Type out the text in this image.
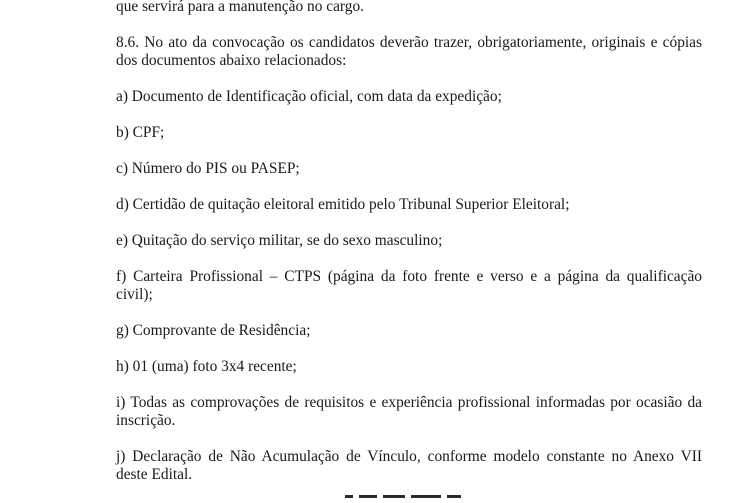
que servirá para a manutenção no cargo.
8.6. No ato da convocação os candidatos deverão trazer, obrigatoriamente, originais e cópias
dos documentos abaixo relacionados:
a) Documento de Identificação oficial, com data da expedição;
b) CPF;
c) Número do PIS ou PASEP;
d) Certidão de quitação eleitoral emitido pelo Tribunal Superior Eleitoral;
e) Quitação do serviço militar, se do sexo masculino;
f) Carteira Profissional – CTPS (página da foto frente e verso e a página da qualificação
civil);
g) Comprovante de Residência;
h) 01 (uma) foto 3x4 recente;
i) Todas as comprovações de requisitos e experiência profissional informadas por ocasião da
inscrição.
j) Declaração de Não Acumulação de Vínculo, conforme modelo constante no Anexo VII
deste Edital.
